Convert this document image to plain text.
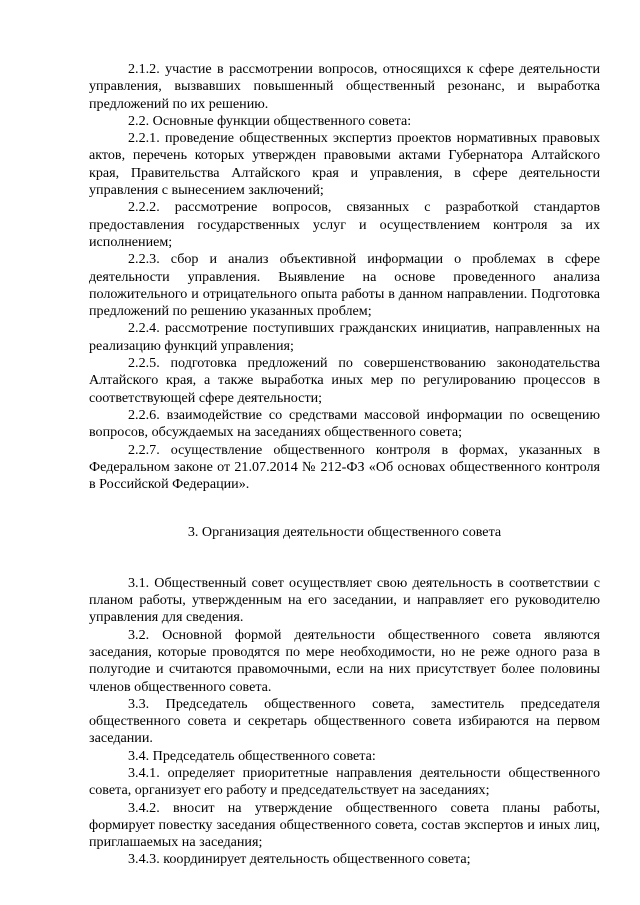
2.1.2. участие в рассмотрении вопросов, относящихся к сфере деятельности управления, вызвавших повышенный общественный резонанс, и выработка предложений по их решению.

2.2. Основные функции общественного совета:

2.2.1. проведение общественных экспертиз проектов нормативных правовых актов, перечень которых утвержден правовыми актами Губернатора Алтайского края, Правительства Алтайского края и управления, в сфере деятельности управления с вынесением заключений;

2.2.2. рассмотрение вопросов, связанных с разработкой стандартов предоставления государственных услуг и осуществлением контроля за их исполнением;

2.2.3. сбор и анализ объективной информации о проблемах в сфере деятельности управления. Выявление на основе проведенного анализа положительного и отрицательного опыта работы в данном направлении. Подготовка предложений по решению указанных проблем;

2.2.4. рассмотрение поступивших гражданских инициатив, направленных на реализацию функций управления;

2.2.5. подготовка предложений по совершенствованию законодательства Алтайского края, а также выработка иных мер по регулированию процессов в соответствующей сфере деятельности;

2.2.6. взаимодействие со средствами массовой информации по освещению вопросов, обсуждаемых на заседаниях общественного совета;

2.2.7. осуществление общественного контроля в формах, указанных в Федеральном законе от 21.07.2014 № 212-ФЗ «Об основах общественного контроля в Российской Федерации».

3. Организация деятельности общественного совета

3.1. Общественный совет осуществляет свою деятельность в соответствии с планом работы, утвержденным на его заседании, и направляет его руководителю управления для сведения.

3.2. Основной формой деятельности общественного совета являются заседания, которые проводятся по мере необходимости, но не реже одного раза в полугодие и считаются правомочными, если на них присутствует более половины членов общественного совета.

3.3. Председатель общественного совета, заместитель председателя общественного совета и секретарь общественного совета избираются на первом заседании.

3.4. Председатель общественного совета:

3.4.1. определяет приоритетные направления деятельности общественного совета, организует его работу и председательствует на заседаниях;

3.4.2. вносит на утверждение общественного совета планы работы, формирует повестку заседания общественного совета, состав экспертов и иных лиц, приглашаемых на заседания;

3.4.3. координирует деятельность общественного совета;
